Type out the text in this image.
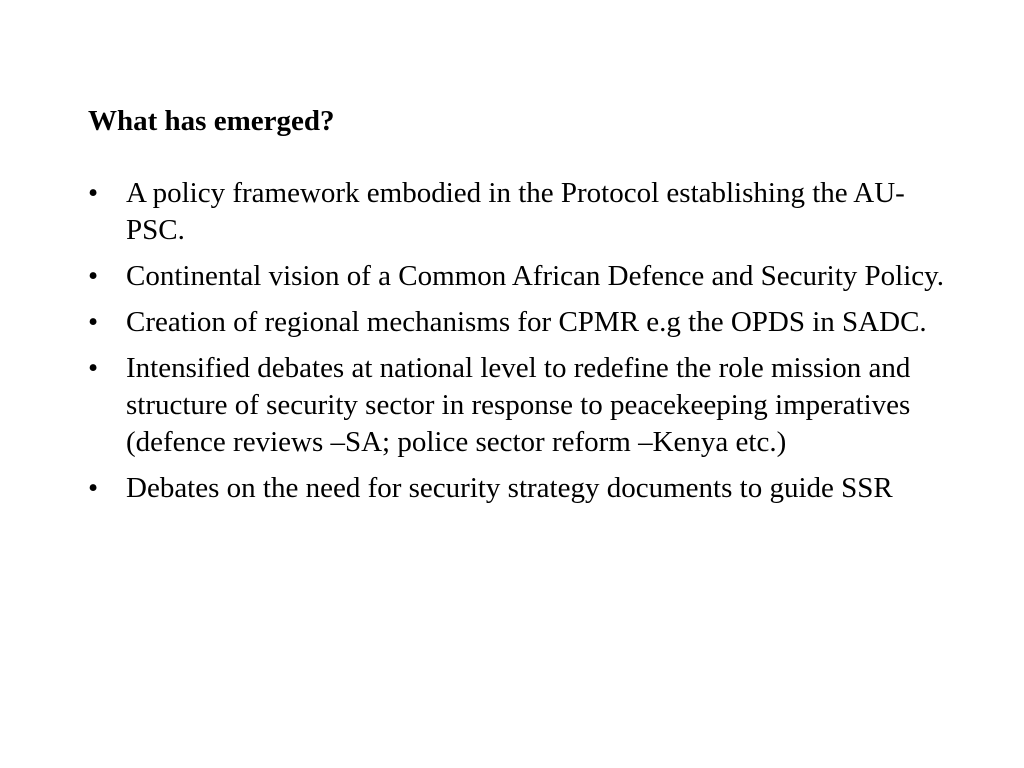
What has emerged?
• A policy framework embodied in the Protocol establishing the AU-PSC.
• Continental vision of a Common African Defence and Security Policy.
• Creation of regional mechanisms for CPMR e.g the OPDS in SADC.
• Intensified debates at national level to redefine the role mission and structure of security sector in response to peacekeeping imperatives (defence reviews –SA; police sector reform –Kenya etc.)
• Debates on the need for security strategy documents to guide SSR
